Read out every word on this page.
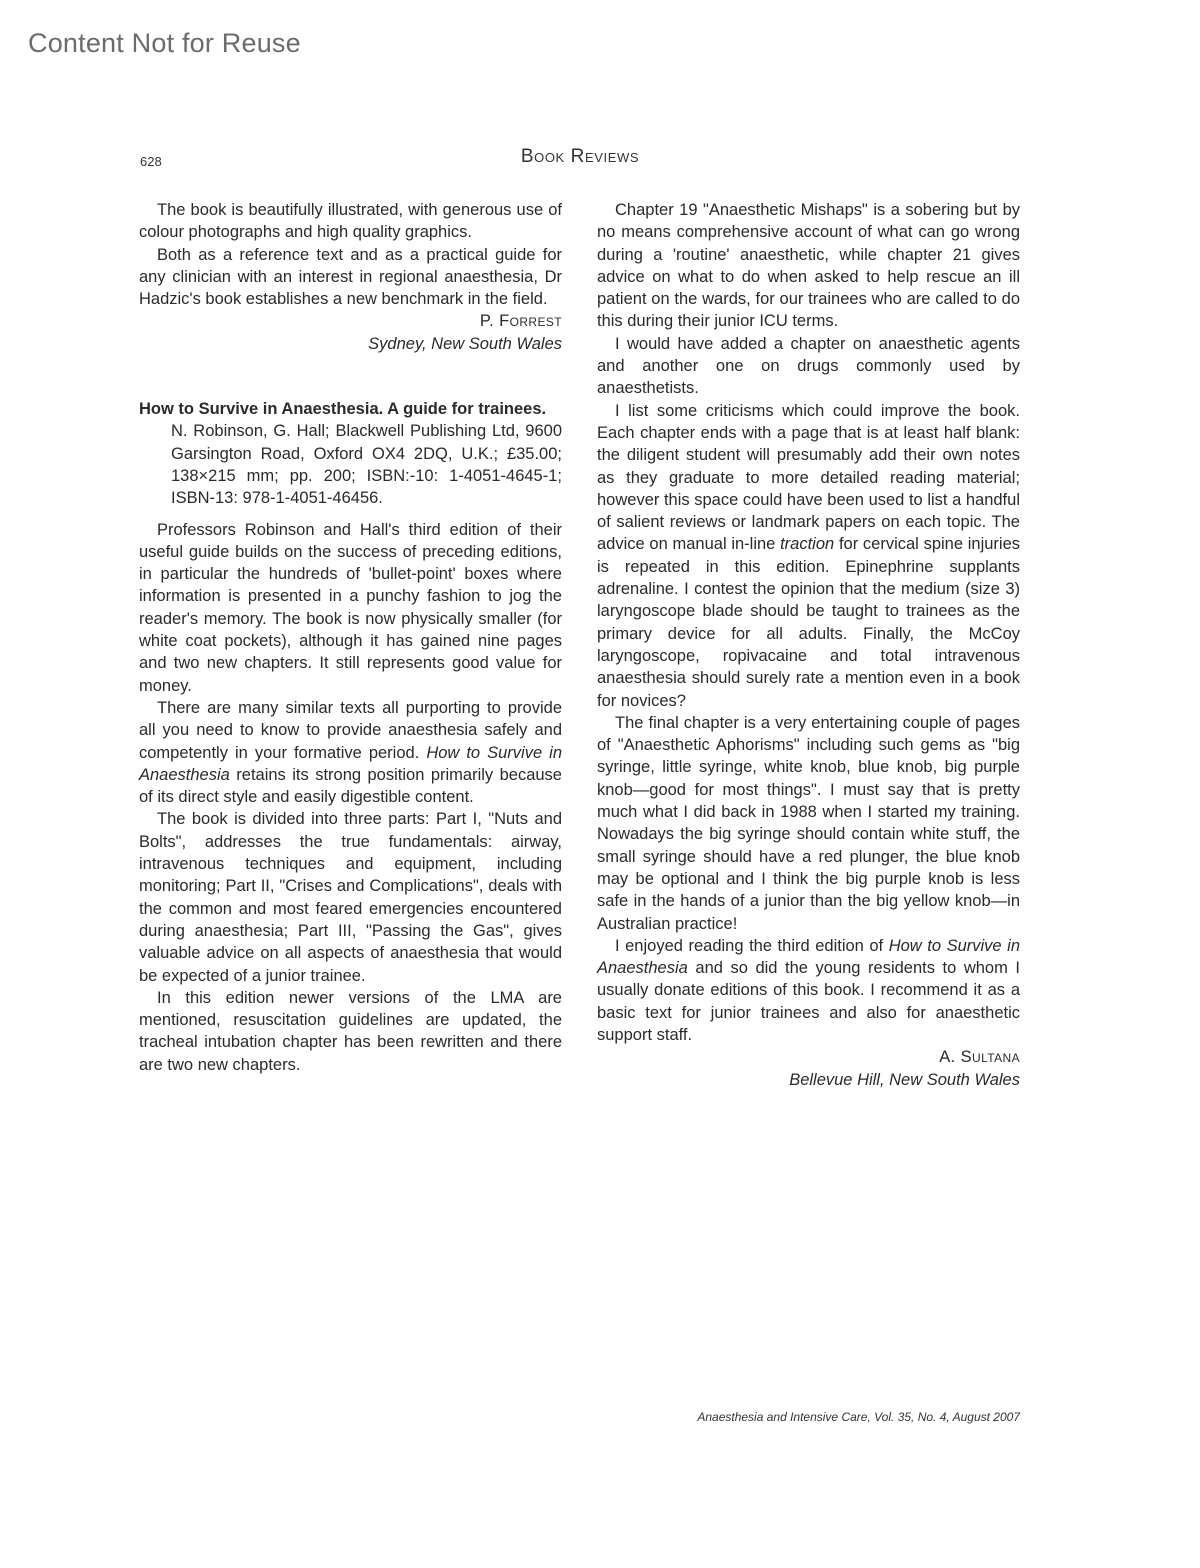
Content Not for Reuse
628	Book Reviews

The book is beautifully illustrated, with generous use of colour photographs and high quality graphics.

Both as a reference text and as a practical guide for any clinician with an interest in regional anaesthesia, Dr Hadzic's book establishes a new benchmark in the field.

P. Forrest

Sydney, New South Wales

How to Survive in Anaesthesia. A guide for trainees.

N. Robinson, G. Hall; Blackwell Publishing Ltd, 9600 Garsington Road, Oxford OX4 2DQ, U.K.; £35.00; 138×215 mm; pp. 200; ISBN:-10: 1-4051-4645-1; ISBN-13: 978-1-4051-46456.

Professors Robinson and Hall's third edition of their useful guide builds on the success of preceding editions, in particular the hundreds of 'bullet-point' boxes where information is presented in a punchy fashion to jog the reader's memory. The book is now physically smaller (for white coat pockets), although it has gained nine pages and two new chapters. It still represents good value for money.

There are many similar texts all purporting to provide all you need to know to provide anaesthesia safely and competently in your formative period. How to Survive in Anaesthesia retains its strong position primarily because of its direct style and easily digestible content.

The book is divided into three parts: Part I, "Nuts and Bolts", addresses the true fundamentals: airway, intravenous techniques and equipment, including monitoring; Part II, "Crises and Complications", deals with the common and most feared emergencies encountered during anaesthesia; Part III, "Passing the Gas", gives valuable advice on all aspects of anaesthesia that would be expected of a junior trainee.

In this edition newer versions of the LMA are mentioned, resuscitation guidelines are updated, the tracheal intubation chapter has been rewritten and there are two new chapters.

Chapter 19 "Anaesthetic Mishaps" is a sobering but by no means comprehensive account of what can go wrong during a 'routine' anaesthetic, while chapter 21 gives advice on what to do when asked to help rescue an ill patient on the wards, for our trainees who are called to do this during their junior ICU terms.

I would have added a chapter on anaesthetic agents and another one on drugs commonly used by anaesthetists.

I list some criticisms which could improve the book. Each chapter ends with a page that is at least half blank: the diligent student will presumably add their own notes as they graduate to more detailed reading material; however this space could have been used to list a handful of salient reviews or landmark papers on each topic. The advice on manual in-line traction for cervical spine injuries is repeated in this edition. Epinephrine supplants adrenaline. I contest the opinion that the medium (size 3) laryngoscope blade should be taught to trainees as the primary device for all adults. Finally, the McCoy laryngoscope, ropivacaine and total intravenous anaesthesia should surely rate a mention even in a book for novices?

The final chapter is a very entertaining couple of pages of "Anaesthetic Aphorisms" including such gems as "big syringe, little syringe, white knob, blue knob, big purple knob—good for most things". I must say that is pretty much what I did back in 1988 when I started my training. Nowadays the big syringe should contain white stuff, the small syringe should have a red plunger, the blue knob may be optional and I think the big purple knob is less safe in the hands of a junior than the big yellow knob—in Australian practice!

I enjoyed reading the third edition of How to Survive in Anaesthesia and so did the young residents to whom I usually donate editions of this book. I recommend it as a basic text for junior trainees and also for anaesthetic support staff.

A. Sultana

Bellevue Hill, New South Wales

Anaesthesia and Intensive Care, Vol. 35, No. 4, August 2007
